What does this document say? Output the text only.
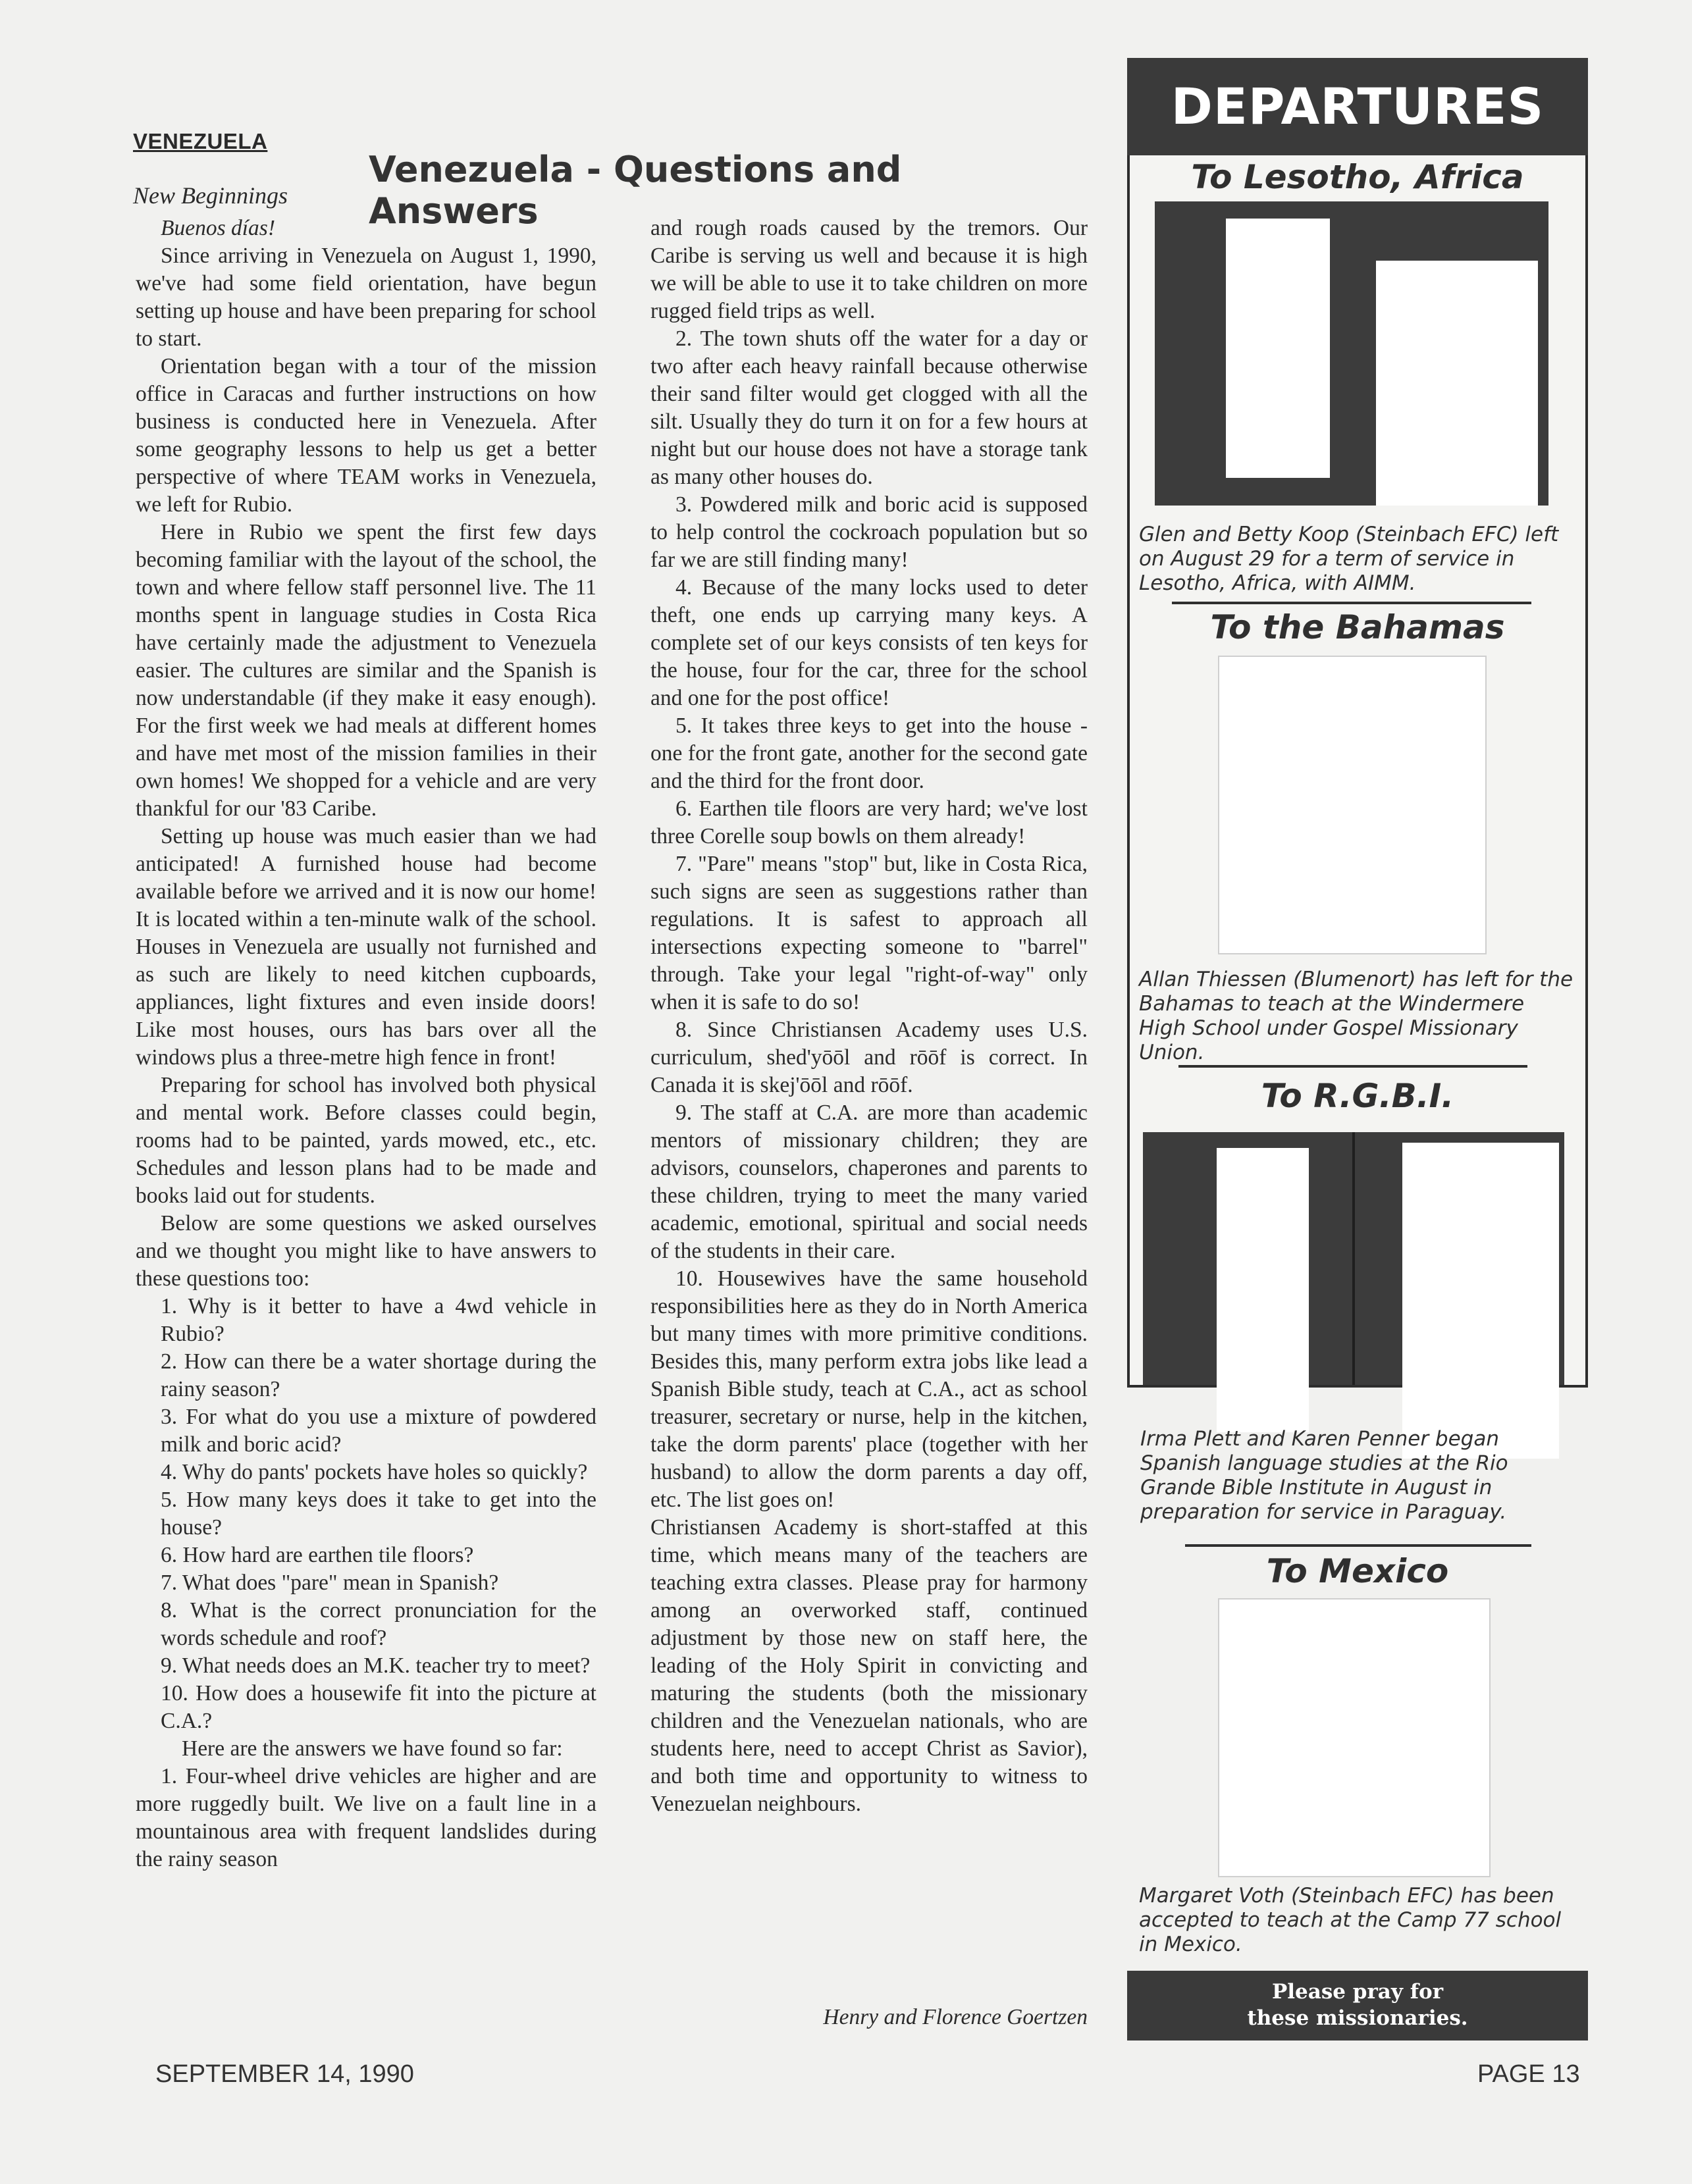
VENEZUELA
Venezuela - Questions and Answers
New Beginnings

Buenos días!

Since arriving in Venezuela on August 1, 1990, we've had some field orientation, have begun setting up house and have been preparing for school to start.

Orientation began with a tour of the mission office in Caracas and further instructions on how business is conducted here in Venezuela. After some geography lessons to help us get a better perspective of where TEAM works in Venezuela, we left for Rubio.

Here in Rubio we spent the first few days becoming familiar with the layout of the school, the town and where fellow staff personnel live. The 11 months spent in language studies in Costa Rica have certainly made the adjustment to Venezuela easier. The cultures are similar and the Spanish is now understandable (if they make it easy enough). For the first week we had meals at different homes and have met most of the mission families in their own homes! We shopped for a vehicle and are very thankful for our '83 Caribe.

Setting up house was much easier than we had anticipated! A furnished house had become available before we arrived and it is now our home! It is located within a ten-minute walk of the school. Houses in Venezuela are usually not furnished and as such are likely to need kitchen cupboards, appliances, light fixtures and even inside doors! Like most houses, ours has bars over all the windows plus a three-metre high fence in front!

Preparing for school has involved both physical and mental work. Before classes could begin, rooms had to be painted, yards mowed, etc., etc. Schedules and lesson plans had to be made and books laid out for students.

Below are some questions we asked ourselves and we thought you might like to have answers to these questions too:

1. Why is it better to have a 4wd vehicle in Rubio?

2. How can there be a water shortage during the rainy season?

3. For what do you use a mixture of powdered milk and boric acid?

4. Why do pants' pockets have holes so quickly?

5. How many keys does it take to get into the house?

6. How hard are earthen tile floors?

7. What does "pare" mean in Spanish?

8. What is the correct pronunciation for the words schedule and roof?

9. What needs does an M.K. teacher try to meet?

10. How does a housewife fit into the picture at C.A.?

Here are the answers we have found so far:

1. Four-wheel drive vehicles are higher and are more ruggedly built. We live on a fault line in a mountainous area with frequent landslides during the rainy season

and rough roads caused by the tremors. Our Caribe is serving us well and because it is high we will be able to use it to take children on more rugged field trips as well.

2. The town shuts off the water for a day or two after each heavy rainfall because otherwise their sand filter would get clogged with all the silt. Usually they do turn it on for a few hours at night but our house does not have a storage tank as many other houses do.

3. Powdered milk and boric acid is supposed to help control the cockroach population but so far we are still finding many!

4. Because of the many locks used to deter theft, one ends up carrying many keys. A complete set of our keys consists of ten keys for the house, four for the car, three for the school and one for the post office!

5. It takes three keys to get into the house - one for the front gate, another for the second gate and the third for the front door.

6. Earthen tile floors are very hard; we've lost three Corelle soup bowls on them already!

7. "Pare" means "stop" but, like in Costa Rica, such signs are seen as suggestions rather than regulations. It is safest to approach all intersections expecting someone to "barrel" through. Take your legal "right-of-way" only when it is safe to do so!

8. Since Christiansen Academy uses U.S. curriculum, shed'yōōl and rōōf is correct. In Canada it is skej'ōōl and rōōf.

9. The staff at C.A. are more than academic mentors of missionary children; they are advisors, counselors, chaperones and parents to these children, trying to meet the many varied academic, emotional, spiritual and social needs of the students in their care.

10. Housewives have the same household responsibilities here as they do in North America but many times with more primitive conditions. Besides this, many perform extra jobs like lead a Spanish Bible study, teach at C.A., act as school treasurer, secretary or nurse, help in the kitchen, take the dorm parents' place (together with her husband) to allow the dorm parents a day off, etc. The list goes on!

Christiansen Academy is short-staffed at this time, which means many of the teachers are teaching extra classes. Please pray for harmony among an overworked staff, continued adjustment by those new on staff here, the leading of the Holy Spirit in convicting and maturing the students (both the missionary children and the Venezuelan nationals, who are students here, need to accept Christ as Savior), and both time and opportunity to witness to Venezuelan neighbours.

Henry and Florence Goertzen
SEPTEMBER 14, 1990	PAGE 13
DEPARTURES
To Lesotho, Africa
Glen and Betty Koop (Steinbach EFC) left on August 29 for a term of service in Lesotho, Africa, with AIMM.
To the Bahamas
Allan Thiessen (Blumenort) has left for the Bahamas to teach at the Windermere High School under Gospel Missionary Union.
To R.G.B.I.
Irma Plett and Karen Penner began Spanish language studies at the Rio Grande Bible Institute in August in preparation for service in Paraguay.
To Mexico
Margaret Voth (Steinbach EFC) has been accepted to teach at the Camp 77 school in Mexico.
Please pray for
these missionaries.
